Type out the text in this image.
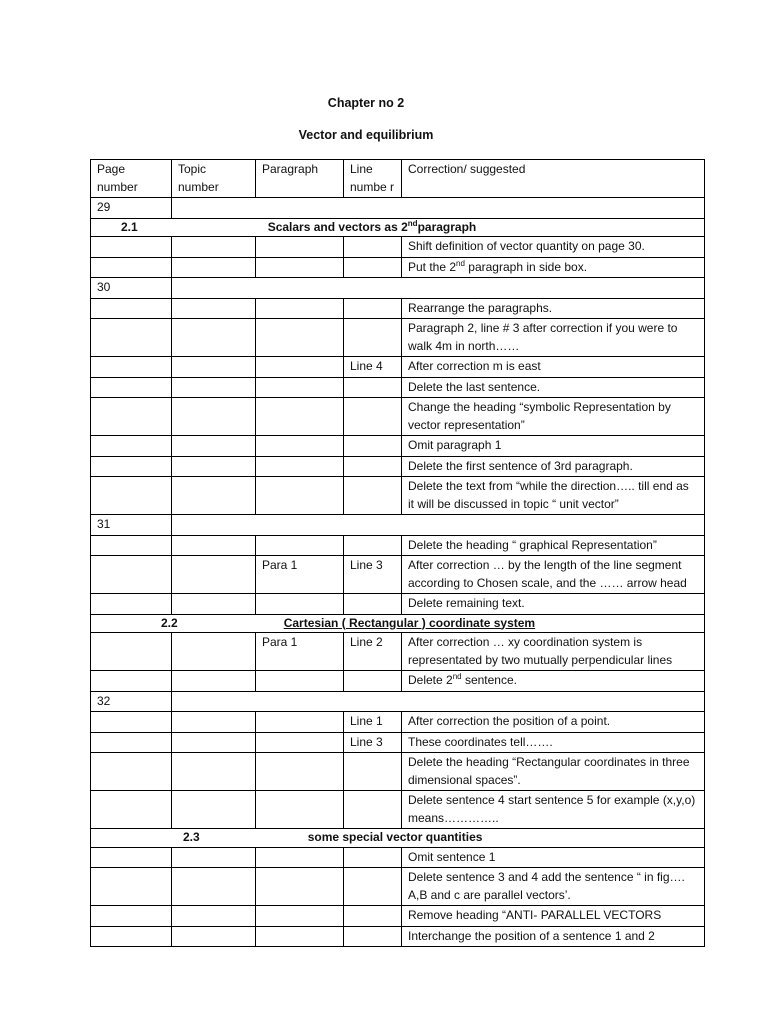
Chapter no 2
Vector and equilibrium
Page number	Topic number	Paragraph	Line numbe r	Correction/ suggested
29				
2.1 Scalars and vectors as 2ndparagraph				
				Shift definition of vector quantity on page 30.
				Put the 2nd paragraph in side box.
30				
				Rearrange the paragraphs.
				Paragraph 2, line # 3 after correction if you were to walk 4m in north……
			Line 4	After correction m is east
				Delete the last sentence.
				Change the heading “symbolic Representation by vector representation”
				Omit paragraph 1
				Delete the first sentence of 3rd paragraph.
				Delete the text from “while the direction….. till end as it will be discussed in topic “ unit vector”
31				
				Delete the heading “ graphical Representation”
		Para 1	Line 3	After correction … by the length of the line segment according to Chosen scale, and the …… arrow head
				Delete remaining text.
2.2 Cartesian ( Rectangular ) coordinate system				
		Para 1	Line 2	After correction … xy coordination system is representated by two mutually perpendicular lines
				Delete 2nd sentence.
32				
			Line 1	After correction the position of a point.
			Line 3	These coordinates tell…….
				Delete the heading “Rectangular coordinates in three dimensional spaces”.
				Delete sentence 4 start sentence 5 for example (x,y,o) means…………..
2.3 some special vector quantities				
				Omit sentence 1
				Delete sentence 3 and 4 add the sentence “ in fig…. A,B and c are parallel vectors’.
				Remove heading “ANTI- PARALLEL VECTORS
				Interchange the position of a sentence 1 and 2
